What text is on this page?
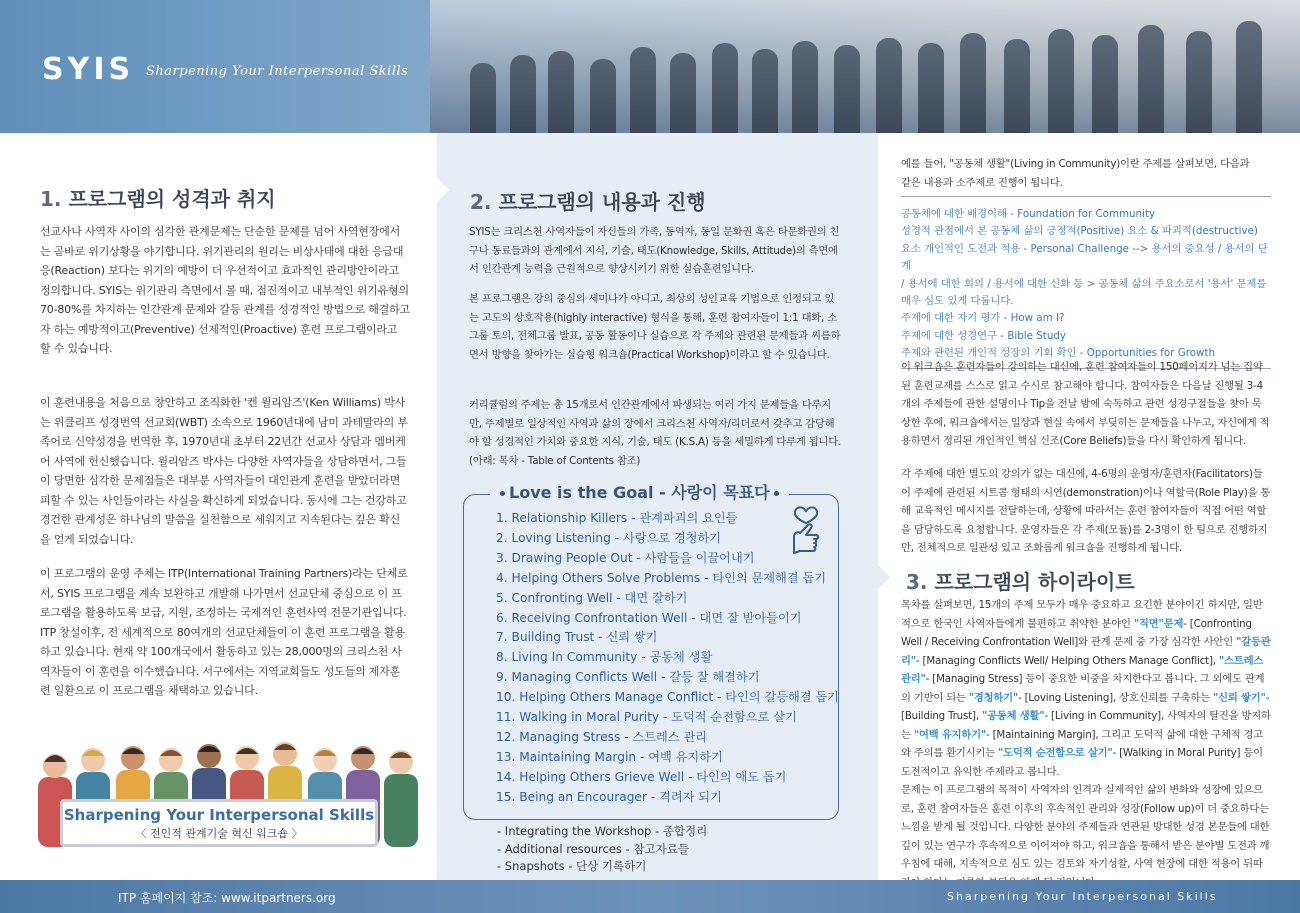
SYIS Sharpening Your Interpersonal Skills
1. 프로그램의 성격과 취지
선교사나 사역자 사이의 심각한 관계문제는 단순한 문제를 넘어 사역현장에서는 곧바로 위기상황을 야기합니다. 위기관리의 원리는 비상사태에 대한 응급대응(Reaction) 보다는 위기의 예방이 더 우선적이고 효과적인 관리방안이라고 정의합니다. SYIS는 위기관리 측면에서 볼 때, 점진적이고 내부적인 위기유형의 70-80%를 차지하는 인간관계 문제와 갈등 관계를 성경적인 방법으로 해결하고자 하는 예방적이고(Preventive) 선제적인(Proactive) 훈련 프로그램이라고 할 수 있습니다.
이 훈련내용을 처음으로 창안하고 조직화한 '켄 윌리암즈'(Ken Williams) 박사는 위클리프 성경번역 선교회(WBT) 소속으로 1960년대에 남미 과테말라의 부족어로 신약성경을 번역한 후, 1970년대 초부터 22년간 선교사 상담과 멤버케어 사역에 헌신했습니다. 윌리암즈 박사는 다양한 사역자들을 상담하면서, 그들이 당면한 심각한 문제점들은 대부분 사역자들이 대인관계 훈련을 받았더라면 피할 수 있는 사인들이라는 사실을 확신하게 되었습니다. 동시에 그는 건강하고 경건한 관계성은 하나님의 말씀을 실천함으로 세워지고 지속된다는 깊은 확신을 얻게 되었습니다.
이 프로그램의 운영 주체는 ITP(International Training Partners)라는 단체로서, SYIS 프로그램을 계속 보완하고 개발해 나가면서 선교단체 중심으로 이 프로그램을 활용하도록 보급, 지원, 조정하는 국제적인 훈련사역 전문기관입니다. ITP 창설이후, 전 세계적으로 80여개의 선교단체들이 이 훈련 프로그램을 활용하고 있습니다. 현재 약 100개국에서 활동하고 있는 28,000명의 크리스천 사역자들이 이 훈련을 이수했습니다. 서구에서는 지역교회들도 성도들의 제자훈련 일환으로 이 프로그램을 채택하고 있습니다.
Sharpening Your Interpersonal Skills
〈 전인적 관계기술 혁신 워크숍 〉
2. 프로그램의 내용과 진행
SYIS는 크리스천 사역자들이 자신들의 가족, 동역자, 동일 문화권 혹은 타문화권의 친구나 동료들과의 관계에서 지식, 기술, 태도(Knowledge, Skills, Attitude)의 측면에서 인간관계 능력을 근원적으로 향상시키기 위한 실습훈련입니다.
본 프로그램은 강의 중심의 세미나가 아니고, 최상의 성인교육 기법으로 인정되고 있는 고도의 상호작용(highly interactive) 형식을 통해, 훈련 참여자들이 1:1 대화, 소그룹 토의, 전체그룹 발표, 공동 활동이나 실습으로 각 주제와 관련된 문제들과 씨름하면서 방향을 찾아가는 실습형 워크숍(Practical Workshop)이라고 할 수 있습니다.
커리큘럼의 주제는 총 15개로서 인간관계에서 파생되는 여러 가지 문제들을 다루지만, 주제별로 일상적인 사역과 삶의 장에서 크리스천 사역자/리더로서 갖추고 감당해야 할 성경적인 가치와 중요한 지식, 기술, 태도 (K.S.A) 등을 세밀하게 다루게 됩니다. (아래: 목차 - Table of Contents 참조)
Love is the Goal - 사랑이 목표다
1. Relationship Killers - 관계파괴의 요인들
2. Loving Listening - 사랑으로 경청하기
3. Drawing People Out - 사람들을 이끌어내기
4. Helping Others Solve Problems - 타인의 문제해결 돕기
5. Confronting Well - 대면 잘하기
6. Receiving Confrontation Well - 대면 잘 받아들이기
7. Building Trust - 신뢰 쌓기
8. Living In Community - 공동체 생활
9. Managing Conflicts Well - 갈등 잘 해결하기
10. Helping Others Manage Conflict - 타인의 갈등해결 돕기
11. Walking in Moral Purity - 도덕적 순전함으로 살기
12. Managing Stress - 스트레스 관리
13. Maintaining Margin - 여백 유지하기
14. Helping Others Grieve Well - 타인의 애도 돕기
15. Being an Encourager - 격려자 되기
- Integrating the Workshop - 종합정리
- Additional resources - 참고자료들
- Snapshots - 단상 기록하기
예를 들어, "공동체 생활"(Living in Community)이란 주제를 살펴보면, 다음과 같은 내용과 소주제로 진행이 됩니다.
공동체에 대한 배경이해 - Foundation for Community
성경적 관점에서 본 공동체 삶의 긍정적(Positive) 요소 & 파괴적(destructive)
요소 개인적인 도전과 적용 - Personal Challenge --> 용서의 중요성 / 용서의 단계
/ 용서에 대한 회의 / 용서에 대한 신화 등 > 공동체 삶의 주요소로서 '용서' 문제를
매우 심도 있게 다룹니다.
주제에 대한 자기 평가 - How am I?
주제에 대한 성경연구 - Bible Study
주제와 관련된 개인적 성장의 기회 확인 - Opportunities for Growth
이 워크숍은 훈련자들이 강의하는 대신에, 훈련 참여자들이 150페이지가 넘는 집약된 훈련교재를 스스로 읽고 수시로 참고해야 합니다. 참여자들은 다음날 진행될 3-4개의 주제들에 관한 설명이나 Tip을 전날 밤에 숙독하고 관련 성경구절들을 찾아 묵상한 후에, 워크숍에서는 일상과 현실 속에서 부딪히는 문제들을 나누고, 자신에게 적용하면서 정리된 개인적인 핵심 신조(Core Beliefs)들을 다시 확인하게 됩니다.
각 주제에 대한 별도의 강의가 없는 대신에, 4-6명의 운영자/훈련자(Facilitators)들이 주제에 관련된 시트콤 형태의 시연(demonstration)이나 역할극(Role Play)을 통해 교육적인 메시지를 전달하는데, 상황에 따라서는 훈련 참여자들이 직접 어떤 역할을 담당하도록 요청합니다. 운영자들은 각 주제(모듈)를 2-3명이 한 팀으로 진행하지만, 전체적으로 일관성 있고 조화롭게 워크숍을 진행하게 됩니다.
3. 프로그램의 하이라이트
목차를 살펴보면, 15개의 주제 모두가 매우 중요하고 요긴한 분야이긴 하지만, 일반적으로 한국인 사역자들에게 불편하고 취약한 분야인 "직면"문제- [Confronting Well / Receiving Confrontation Well]와 관계 문제 중 가장 심각한 사안인 "갈등관리"- [Managing Conflicts Well/ Helping Others Manage Conflict], "스트레스 관리"- [Managing Stress] 등이 중요한 비중을 차지한다고 봅니다. 그 외에도 관계의 기반이 되는 "경청하기"- [Loving Listening], 상호신뢰를 구축하는 "신뢰 쌓기"- [Building Trust], "공동체 생활"- [Living in Community], 사역자의 탈진을 방지하는 "여백 유지하기"- [Maintaining Margin], 그리고 도덕적 삶에 대한 구체적 경고와 주의를 환기시키는 "도덕적 순전함으로 살기"- [Walking in Moral Purity] 등이 도전적이고 유익한 주제라고 봅니다.
문제는 이 프로그램의 목적이 사역자의 인격과 실제적인 삶의 변화와 성장에 있으므로, 훈련 참여자들은 훈련 이후의 후속적인 관리와 성장(Follow up)이 더 중요하다는 느낌을 받게 될 것입니다. 다양한 분야의 주제들과 연관된 방대한 성경 본문들에 대한 깊이 있는 연구가 후속적으로 이어져야 하고, 워크숍을 통해서 받은 분야별 도전과 깨우침에 대해, 지속적으로 심도 있는 검토와 자기성찰, 사역 현장에 대한 적용이 뒤따
ITP 홈페이지 참조: www.itpartners.org	Sharpening Your Interpersonal Skills
